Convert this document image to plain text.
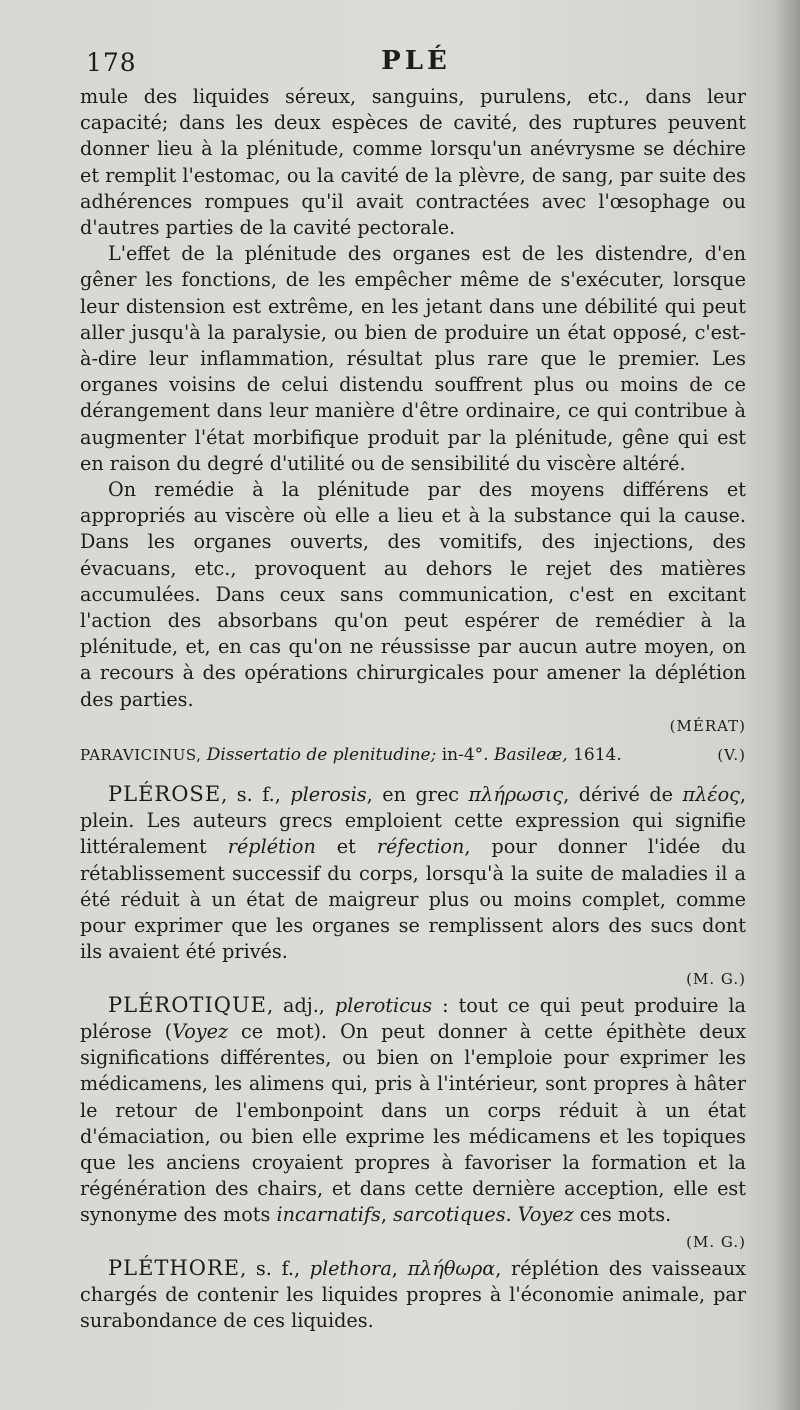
178	PLÉ

mule des liquides séreux, sanguins, purulens, etc., dans leur capacité; dans les deux espèces de cavité, des ruptures peuvent donner lieu à la plénitude, comme lorsqu'un anévrysme se déchire et remplit l'estomac, ou la cavité de la plèvre, de sang, par suite des adhérences rompues qu'il avait contractées avec l'œsophage ou d'autres parties de la cavité pectorale.

L'effet de la plénitude des organes est de les distendre, d'en gêner les fonctions, de les empêcher même de s'exécuter, lorsque leur distension est extrême, en les jetant dans une débilité qui peut aller jusqu'à la paralysie, ou bien de produire un état opposé, c'est-à-dire leur inflammation, résultat plus rare que le premier. Les organes voisins de celui distendu souffrent plus ou moins de ce dérangement dans leur manière d'être ordinaire, ce qui contribue à augmenter l'état morbifique produit par la plénitude, gêne qui est en raison du degré d'utilité ou de sensibilité du viscère altéré.

On remédie à la plénitude par des moyens différens et appropriés au viscère où elle a lieu et à la substance qui la cause. Dans les organes ouverts, des vomitifs, des injections, des évacuans, etc., provoquent au dehors le rejet des matières accumulées. Dans ceux sans communication, c'est en excitant l'action des absorbans qu'on peut espérer de remédier à la plénitude, et, en cas qu'on ne réussisse par aucun autre moyen, on a recours à des opérations chirurgicales pour amener la déplétion des parties.

(MÉRAT)

PARAVICINUS, Dissertatio de plenitudine; in-4°. Basileæ, 1614.	(V.)

PLÉROSE, s. f., plerosis, en grec πλήρωσις, dérivé de πλέος, plein. Les auteurs grecs emploient cette expression qui signifie littéralement réplétion et réfection, pour donner l'idée du rétablissement successif du corps, lorsqu'à la suite de maladies il a été réduit à un état de maigreur plus ou moins complet, comme pour exprimer que les organes se remplissent alors des sucs dont ils avaient été privés.

(M. G.)

PLÉROTIQUE, adj., pleroticus : tout ce qui peut produire la plérose (Voyez ce mot). On peut donner à cette épithète deux significations différentes, ou bien on l'emploie pour exprimer les médicamens, les alimens qui, pris à l'intérieur, sont propres à hâter le retour de l'embonpoint dans un corps réduit à un état d'émaciation, ou bien elle exprime les médicamens et les topiques que les anciens croyaient propres à favoriser la formation et la régénération des chairs, et dans cette dernière acception, elle est synonyme des mots incarnatifs, sarcotiques. Voyez ces mots.

(M. G.)

PLÉTHORE, s. f., plethora, πλήθωρα, réplétion des vaisseaux chargés de contenir les liquides propres à l'économie animale, par surabondance de ces liquides.
